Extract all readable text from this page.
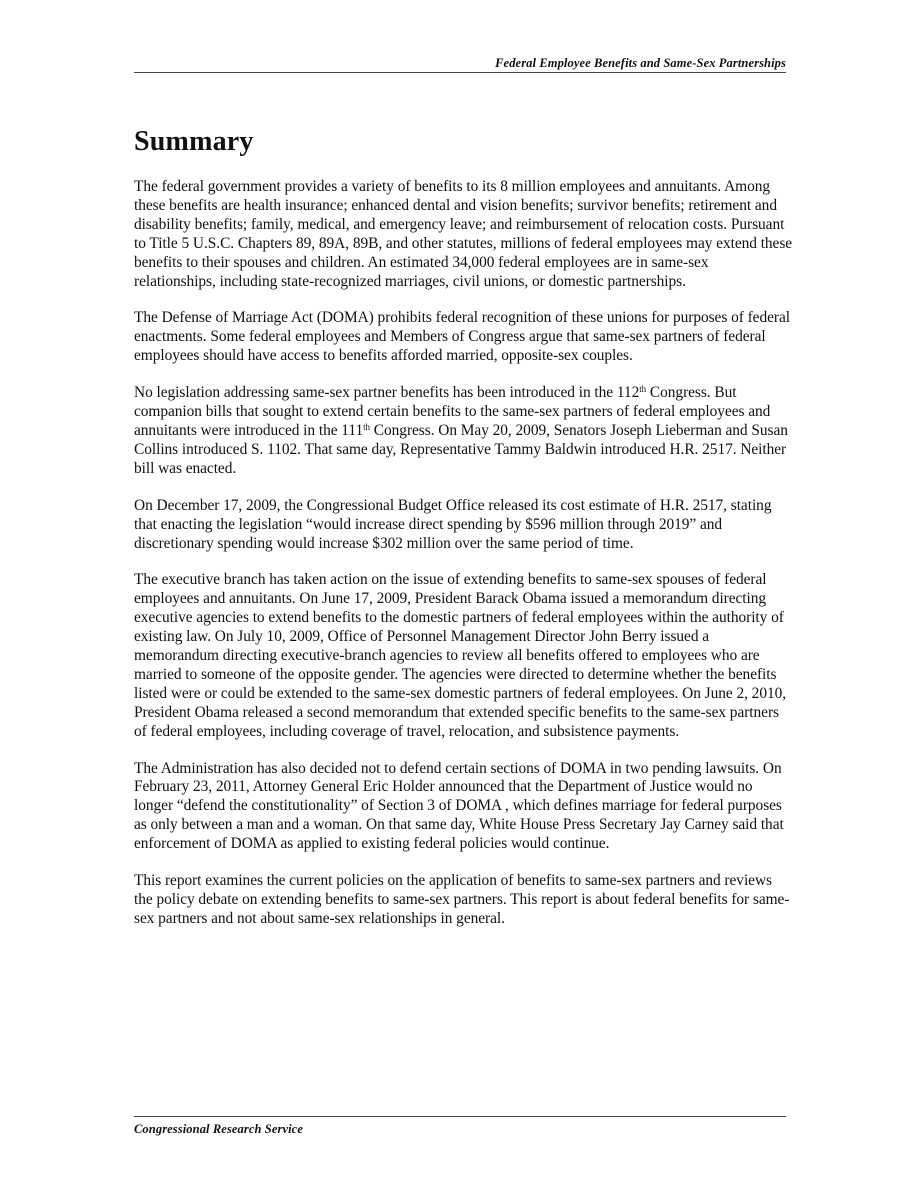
Federal Employee Benefits and Same-Sex Partnerships
Summary

The federal government provides a variety of benefits to its 8 million employees and annuitants. Among these benefits are health insurance; enhanced dental and vision benefits; survivor benefits; retirement and disability benefits; family, medical, and emergency leave; and reimbursement of relocation costs. Pursuant to Title 5 U.S.C. Chapters 89, 89A, 89B, and other statutes, millions of federal employees may extend these benefits to their spouses and children. An estimated 34,000 federal employees are in same-sex relationships, including state-recognized marriages, civil unions, or domestic partnerships.

The Defense of Marriage Act (DOMA) prohibits federal recognition of these unions for purposes of federal enactments. Some federal employees and Members of Congress argue that same-sex partners of federal employees should have access to benefits afforded married, opposite-sex couples.

No legislation addressing same-sex partner benefits has been introduced in the 112th Congress. But companion bills that sought to extend certain benefits to the same-sex partners of federal employees and annuitants were introduced in the 111th Congress. On May 20, 2009, Senators Joseph Lieberman and Susan Collins introduced S. 1102. That same day, Representative Tammy Baldwin introduced H.R. 2517. Neither bill was enacted.

On December 17, 2009, the Congressional Budget Office released its cost estimate of H.R. 2517, stating that enacting the legislation “would increase direct spending by $596 million through 2019” and discretionary spending would increase $302 million over the same period of time.

The executive branch has taken action on the issue of extending benefits to same-sex spouses of federal employees and annuitants. On June 17, 2009, President Barack Obama issued a memorandum directing executive agencies to extend benefits to the domestic partners of federal employees within the authority of existing law. On July 10, 2009, Office of Personnel Management Director John Berry issued a memorandum directing executive-branch agencies to review all benefits offered to employees who are married to someone of the opposite gender. The agencies were directed to determine whether the benefits listed were or could be extended to the same-sex domestic partners of federal employees. On June 2, 2010, President Obama released a second memorandum that extended specific benefits to the same-sex partners of federal employees, including coverage of travel, relocation, and subsistence payments.

The Administration has also decided not to defend certain sections of DOMA in two pending lawsuits. On February 23, 2011, Attorney General Eric Holder announced that the Department of Justice would no longer “defend the constitutionality” of Section 3 of DOMA , which defines marriage for federal purposes as only between a man and a woman. On that same day, White House Press Secretary Jay Carney said that enforcement of DOMA as applied to existing federal policies would continue.

This report examines the current policies on the application of benefits to same-sex partners and reviews the policy debate on extending benefits to same-sex partners. This report is about federal benefits for same-sex partners and not about same-sex relationships in general.

Congressional Research Service
